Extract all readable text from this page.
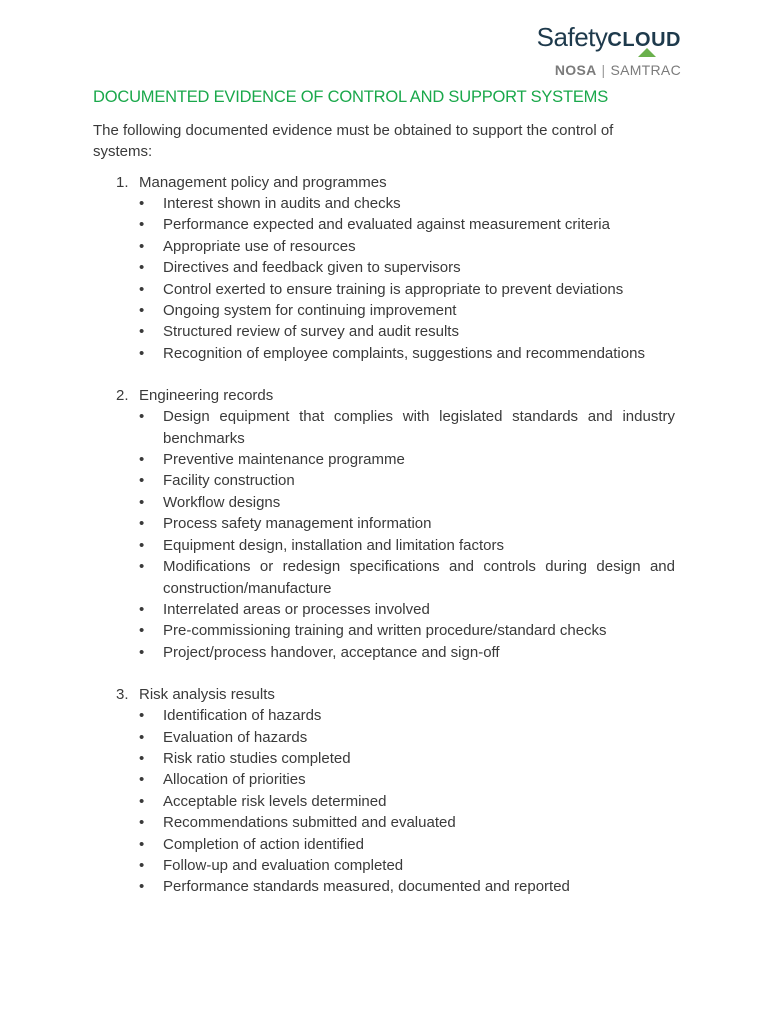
SafetyCLOUD
NOSA | SAMTRAC
DOCUMENTED EVIDENCE OF CONTROL AND SUPPORT SYSTEMS

The following documented evidence must be obtained to support the control of systems:

1. Management policy and programmes
• Interest shown in audits and checks
• Performance expected and evaluated against measurement criteria
• Appropriate use of resources
• Directives and feedback given to supervisors
• Control exerted to ensure training is appropriate to prevent deviations
• Ongoing system for continuing improvement
• Structured review of survey and audit results
• Recognition of employee complaints, suggestions and recommendations
2. Engineering records
• Design equipment that complies with legislated standards and industry benchmarks
• Preventive maintenance programme
• Facility construction
• Workflow designs
• Process safety management information
• Equipment design, installation and limitation factors
• Modifications or redesign specifications and controls during design and construction/manufacture
• Interrelated areas or processes involved
• Pre-commissioning training and written procedure/standard checks
• Project/process handover, acceptance and sign-off
3. Risk analysis results
• Identification of hazards
• Evaluation of hazards
• Risk ratio studies completed
• Allocation of priorities
• Acceptable risk levels determined
• Recommendations submitted and evaluated
• Completion of action identified
• Follow-up and evaluation completed
• Performance standards measured, documented and reported
